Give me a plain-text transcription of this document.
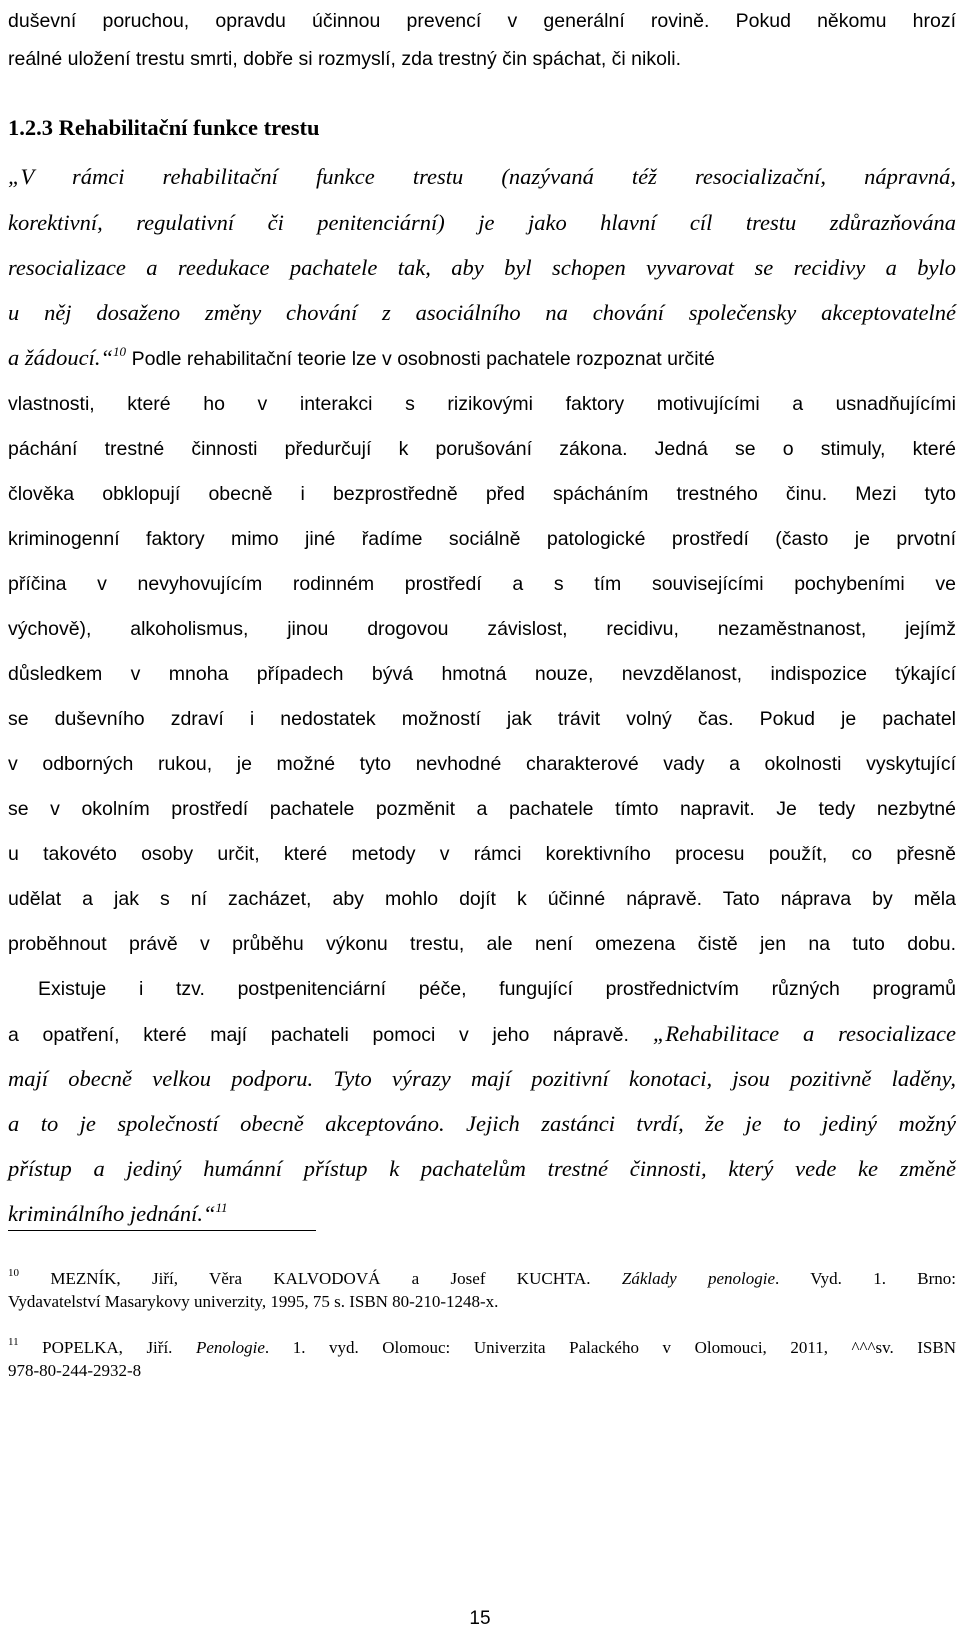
duševní poruchou, opravdu účinnou prevencí v generální rovině. Pokud někomu hrozí

reálné uložení trestu smrti, dobře si rozmyslí, zda trestný čin spáchat, či nikoli.

1.2.3 Rehabilitační funkce trestu

„V rámci rehabilitační funkce trestu (nazývaná též resocializační, nápravná,

korektivní, regulativní či penitenciární) je jako hlavní cíl trestu zdůrazňována

resocializace a reedukace pachatele tak, aby byl schopen vyvarovat se recidivy a bylo

u něj dosaženo změny chování z asociálního na chování společensky akceptovatelné

a žádoucí.“$^{10}$ Podle rehabilitační teorie lze v osobnosti pachatele rozpoznat určité

vlastnosti, které ho v interakci s rizikovými faktory motivujícími a usnadňujícími

páchání trestné činnosti předurčují k porušování zákona. Jedná se o stimuly, které

člověka obklopují obecně i bezprostředně před spácháním trestného činu. Mezi tyto

kriminogenní faktory mimo jiné řadíme sociálně patologické prostředí (často je prvotní

příčina v nevyhovujícím rodinném prostředí a s tím souvisejícími pochybeními ve

výchově), alkoholismus, jinou drogovou závislost, recidivu, nezaměstnanost, jejímž

důsledkem v mnoha případech bývá hmotná nouze, nevzdělanost, indispozice týkající

se duševního zdraví i nedostatek možností jak trávit volný čas. Pokud je pachatel

v odborných rukou, je možné tyto nevhodné charakterové vady a okolnosti vyskytující

se v okolním prostředí pachatele pozměnit a pachatele tímto napravit. Je tedy nezbytné

u takovéto osoby určit, které metody v rámci korektivního procesu použít, co přesně

udělat a jak s ní zacházet, aby mohlo dojít k účinné nápravě. Tato náprava by měla

proběhnout právě v průběhu výkonu trestu, ale není omezena čistě jen na tuto dobu.

Existuje i tzv. postpenitenciární péče, fungující prostřednictvím různých programů

a opatření, které mají pachateli pomoci v jeho nápravě. „Rehabilitace a resocializace

mají obecně velkou podporu. Tyto výrazy mají pozitivní konotaci, jsou pozitivně laděny,

a to je společností obecně akceptováno. Jejich zastánci tvrdí, že je to jediný možný

přístup a jediný humánní přístup k pachatelům trestné činnosti, který vede ke změně

kriminálního jednání.“$^{11}$

$^{10}$ MEZNÍK, Jiří, Věra KALVODOVÁ a Josef KUCHTA. Základy penologie. Vyd. 1. Brno:

Vydavatelství Masarykovy univerzity, 1995, 75 s. ISBN 80-210-1248-x.

$^{11}$ POPELKA, Jiří. Penologie. 1. vyd. Olomouc: Univerzita Palackého v Olomouci, 2011, ^^^sv. ISBN

978-80-244-2932-8

15
